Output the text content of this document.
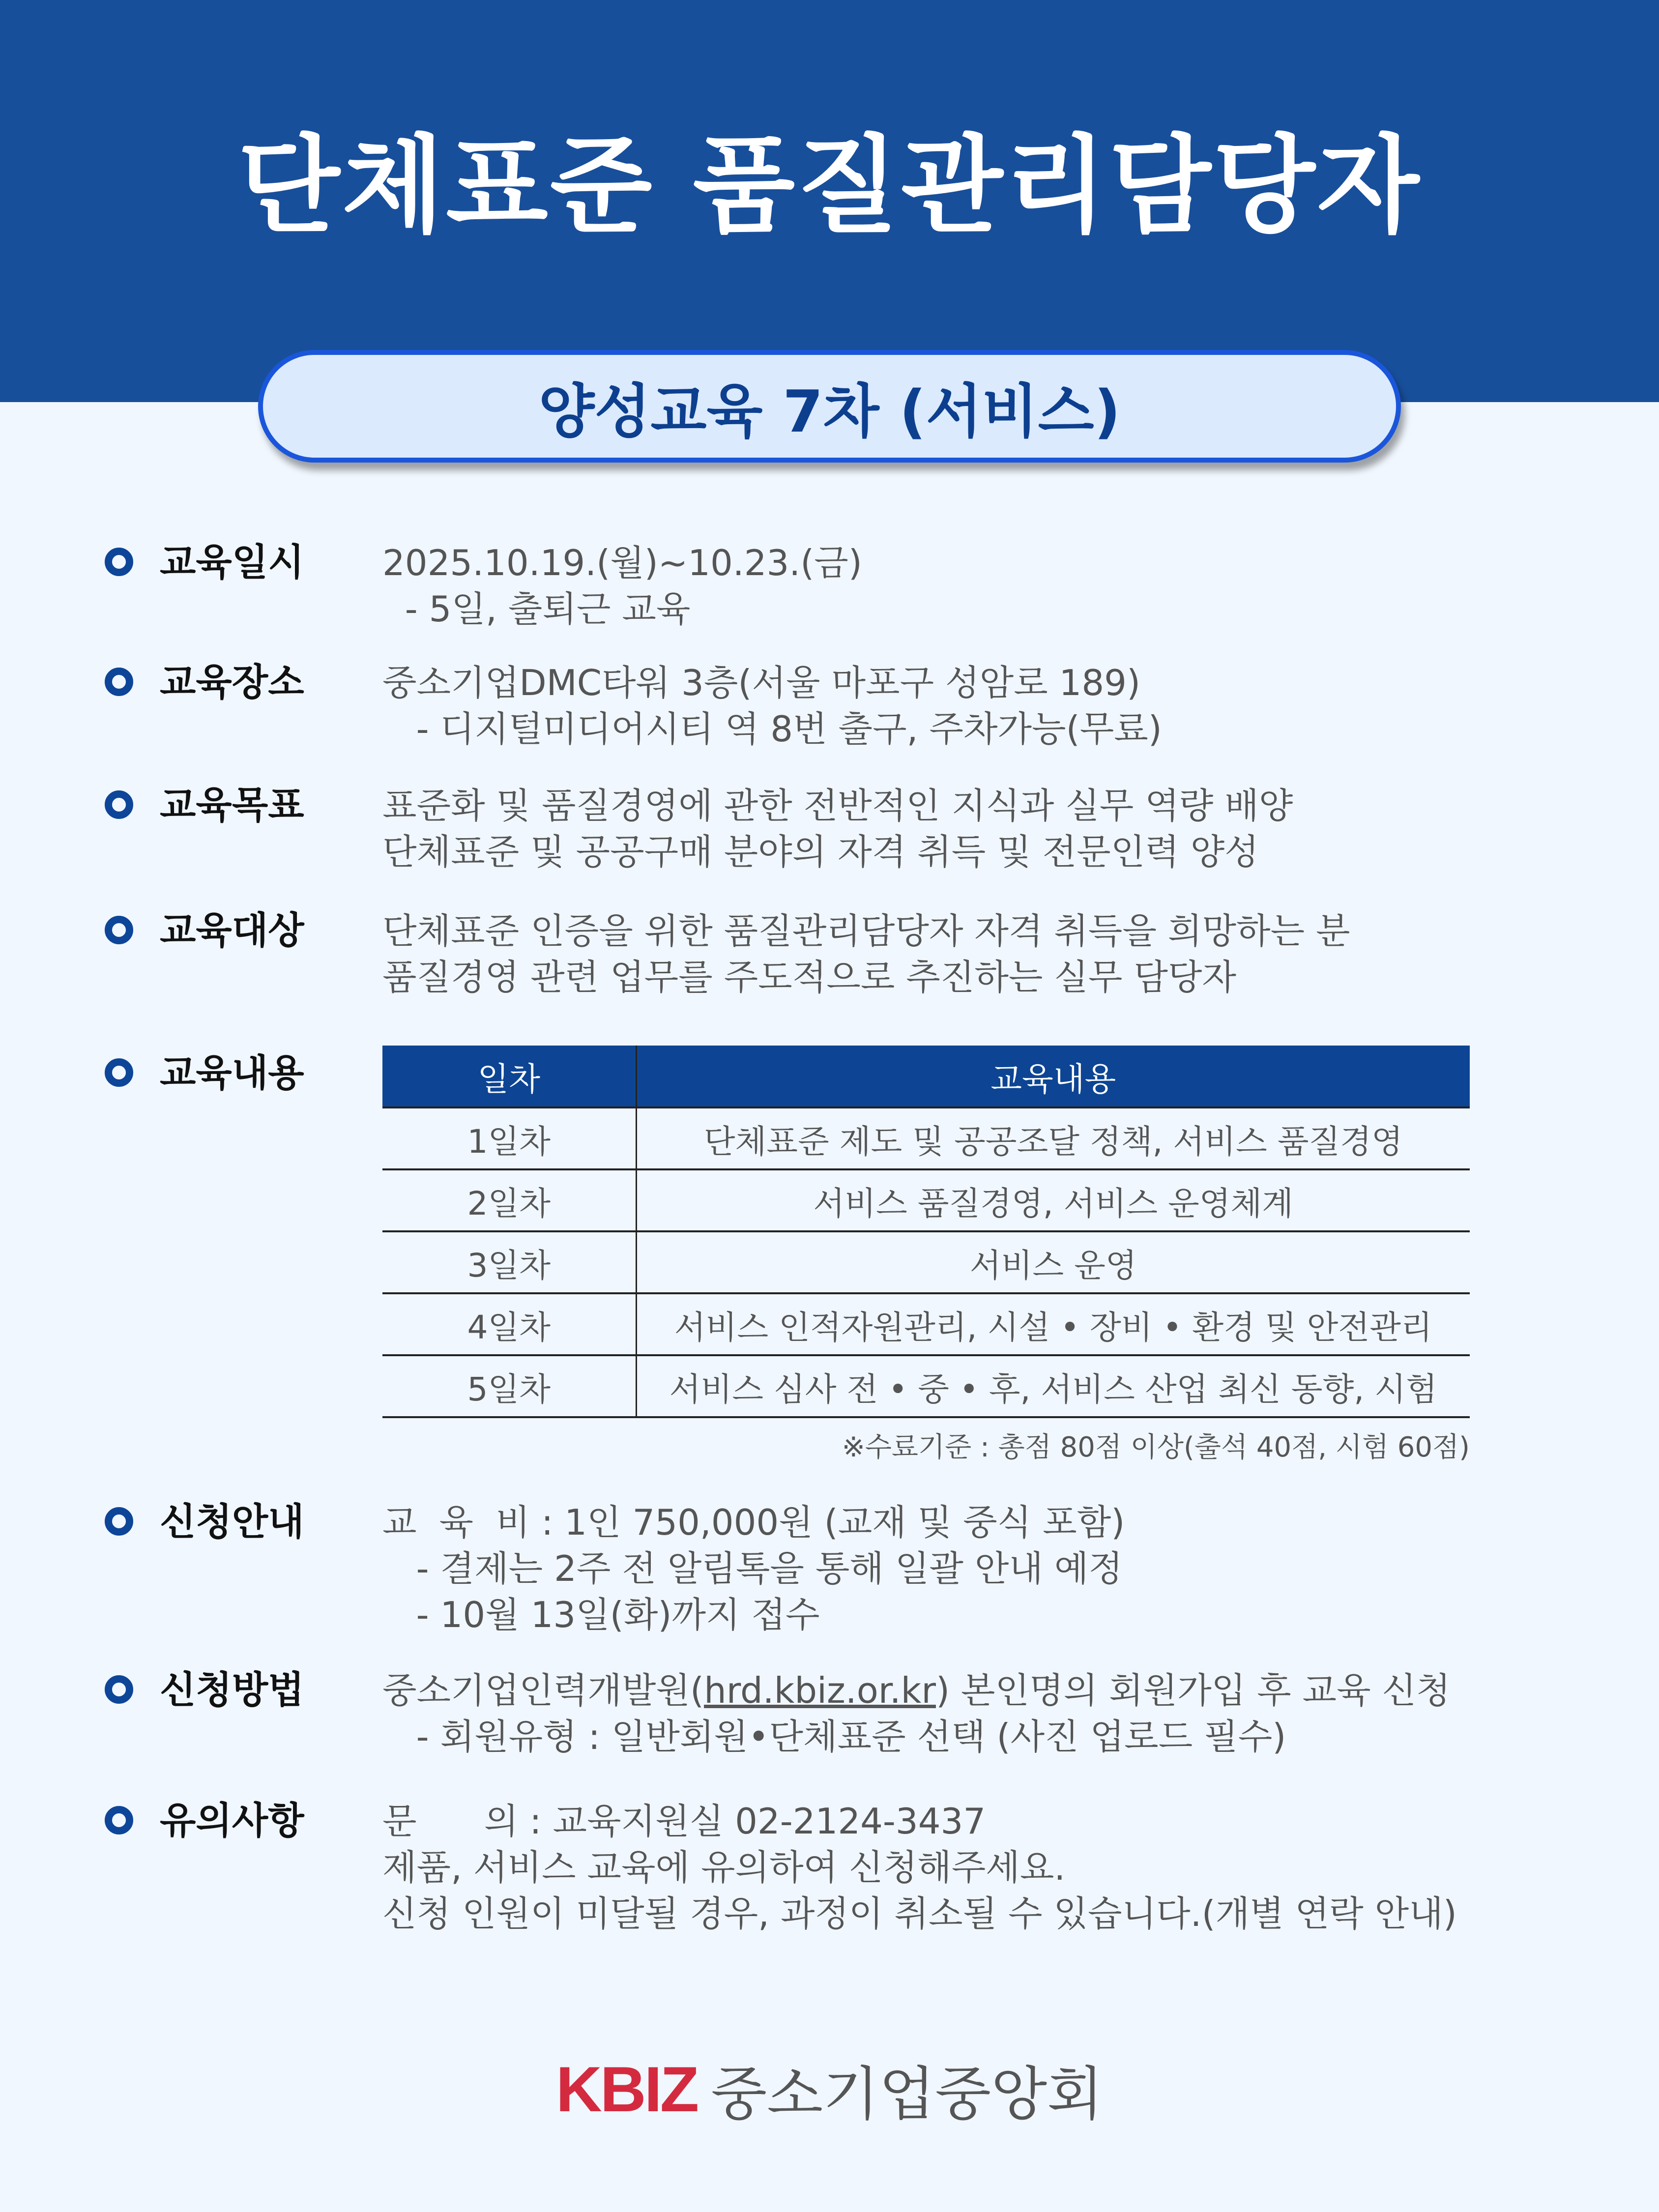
단체표준 품질관리담당자
양성교육 7차 (서비스)
교육일시 2025.10.19.(월)~10.23.(금)
- 5일, 출퇴근 교육
교육장소 중소기업DMC타워 3층(서울 마포구 성암로 189)
- 디지털미디어시티 역 8번 출구, 주차가능(무료)
교육목표 표준화 및 품질경영에 관한 전반적인 지식과 실무 역량 배양
단체표준 및 공공구매 분야의 자격 취득 및 전문인력 양성
교육대상 단체표준 인증을 위한 품질관리담당자 자격 취득을 희망하는 분
품질경영 관련 업무를 주도적으로 추진하는 실무 담당자
교육내용	일차	교육내용
1일차	단체표준 제도 및 공공조달 정책, 서비스 품질경영
2일차	서비스 품질경영, 서비스 운영체계
3일차	서비스 운영
4일차	서비스 인적자원관리, 시설 • 장비 • 환경 및 안전관리
5일차	서비스 심사 전 • 중 • 후, 서비스 산업 최신 동향, 시험
※수료기준 : 총점 80점 이상(출석 40점, 시험 60점)
신청안내 교  육  비 : 1인 750,000원 (교재 및 중식 포함)
- 결제는 2주 전 알림톡을 통해 일괄 안내 예정
- 10월 13일(화)까지 접수
신청방법 중소기업인력개발원(hrd.kbiz.or.kr) 본인명의 회원가입 후 교육 신청
- 회원유형 : 일반회원•단체표준 선택 (사진 업로드 필수)
유의사항 문      의 : 교육지원실 02-2124-3437
제품, 서비스 교육에 유의하여 신청해주세요.
신청 인원이 미달될 경우, 과정이 취소될 수 있습니다.(개별 연락 안내)
KBIZ 중소기업중앙회
